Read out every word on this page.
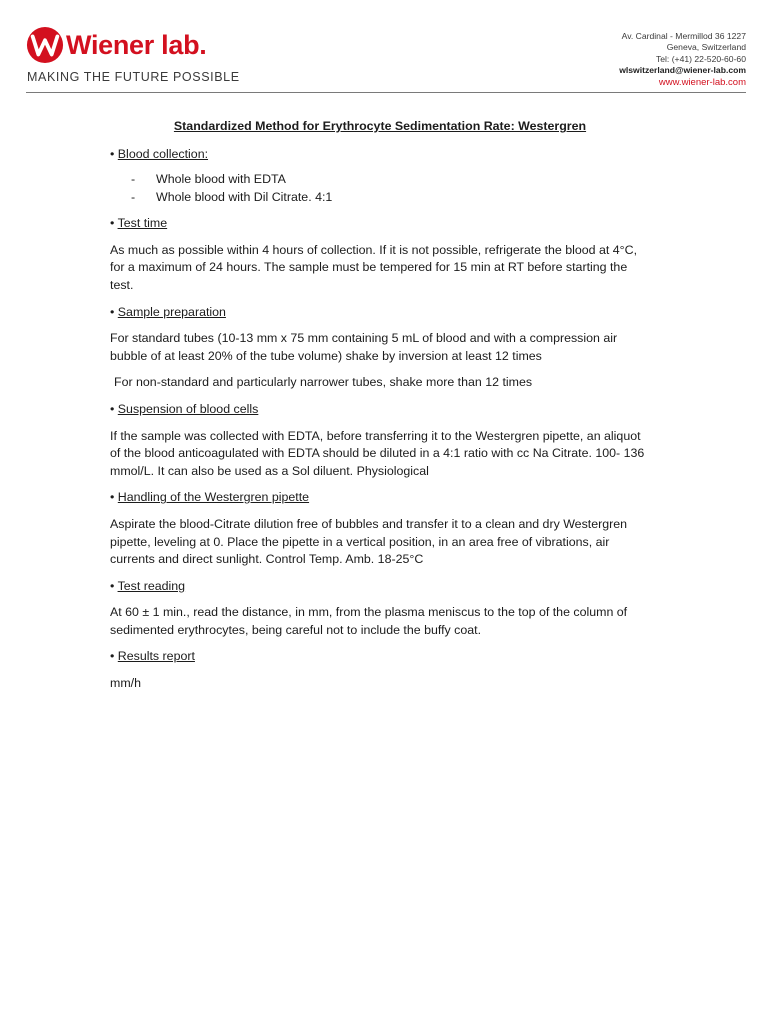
Wiener lab.
MAKING THE FUTURE POSSIBLE
Av. Cardinal - Mermillod 36 1227
Geneva, Switzerland
Tel: (+41) 22-520-60-60
wlswitzerland@wiener-lab.com
www.wiener-lab.com

Standardized Method for Erythrocyte Sedimentation Rate: Westergren

• Blood collection:

- Whole blood with EDTA
- Whole blood with Dil Citrate. 4:1

• Test time

As much as possible within 4 hours of collection. If it is not possible, refrigerate the blood at 4°C, for a maximum of 24 hours. The sample must be tempered for 15 min at RT before starting the test.

• Sample preparation

For standard tubes (10-13 mm x 75 mm containing 5 mL of blood and with a compression air bubble of at least 20% of the tube volume) shake by inversion at least 12 times

For non-standard and particularly narrower tubes, shake more than 12 times

• Suspension of blood cells

If the sample was collected with EDTA, before transferring it to the Westergren pipette, an aliquot of the blood anticoagulated with EDTA should be diluted in a 4:1 ratio with cc Na Citrate. 100- 136 mmol/L. It can also be used as a Sol diluent. Physiological

• Handling of the Westergren pipette

Aspirate the blood-Citrate dilution free of bubbles and transfer it to a clean and dry Westergren pipette, leveling at 0. Place the pipette in a vertical position, in an area free of vibrations, air currents and direct sunlight. Control Temp. Amb. 18-25°C

• Test reading

At 60 ± 1 min., read the distance, in mm, from the plasma meniscus to the top of the column of sedimented erythrocytes, being careful not to include the buffy coat.

• Results report

mm/h
